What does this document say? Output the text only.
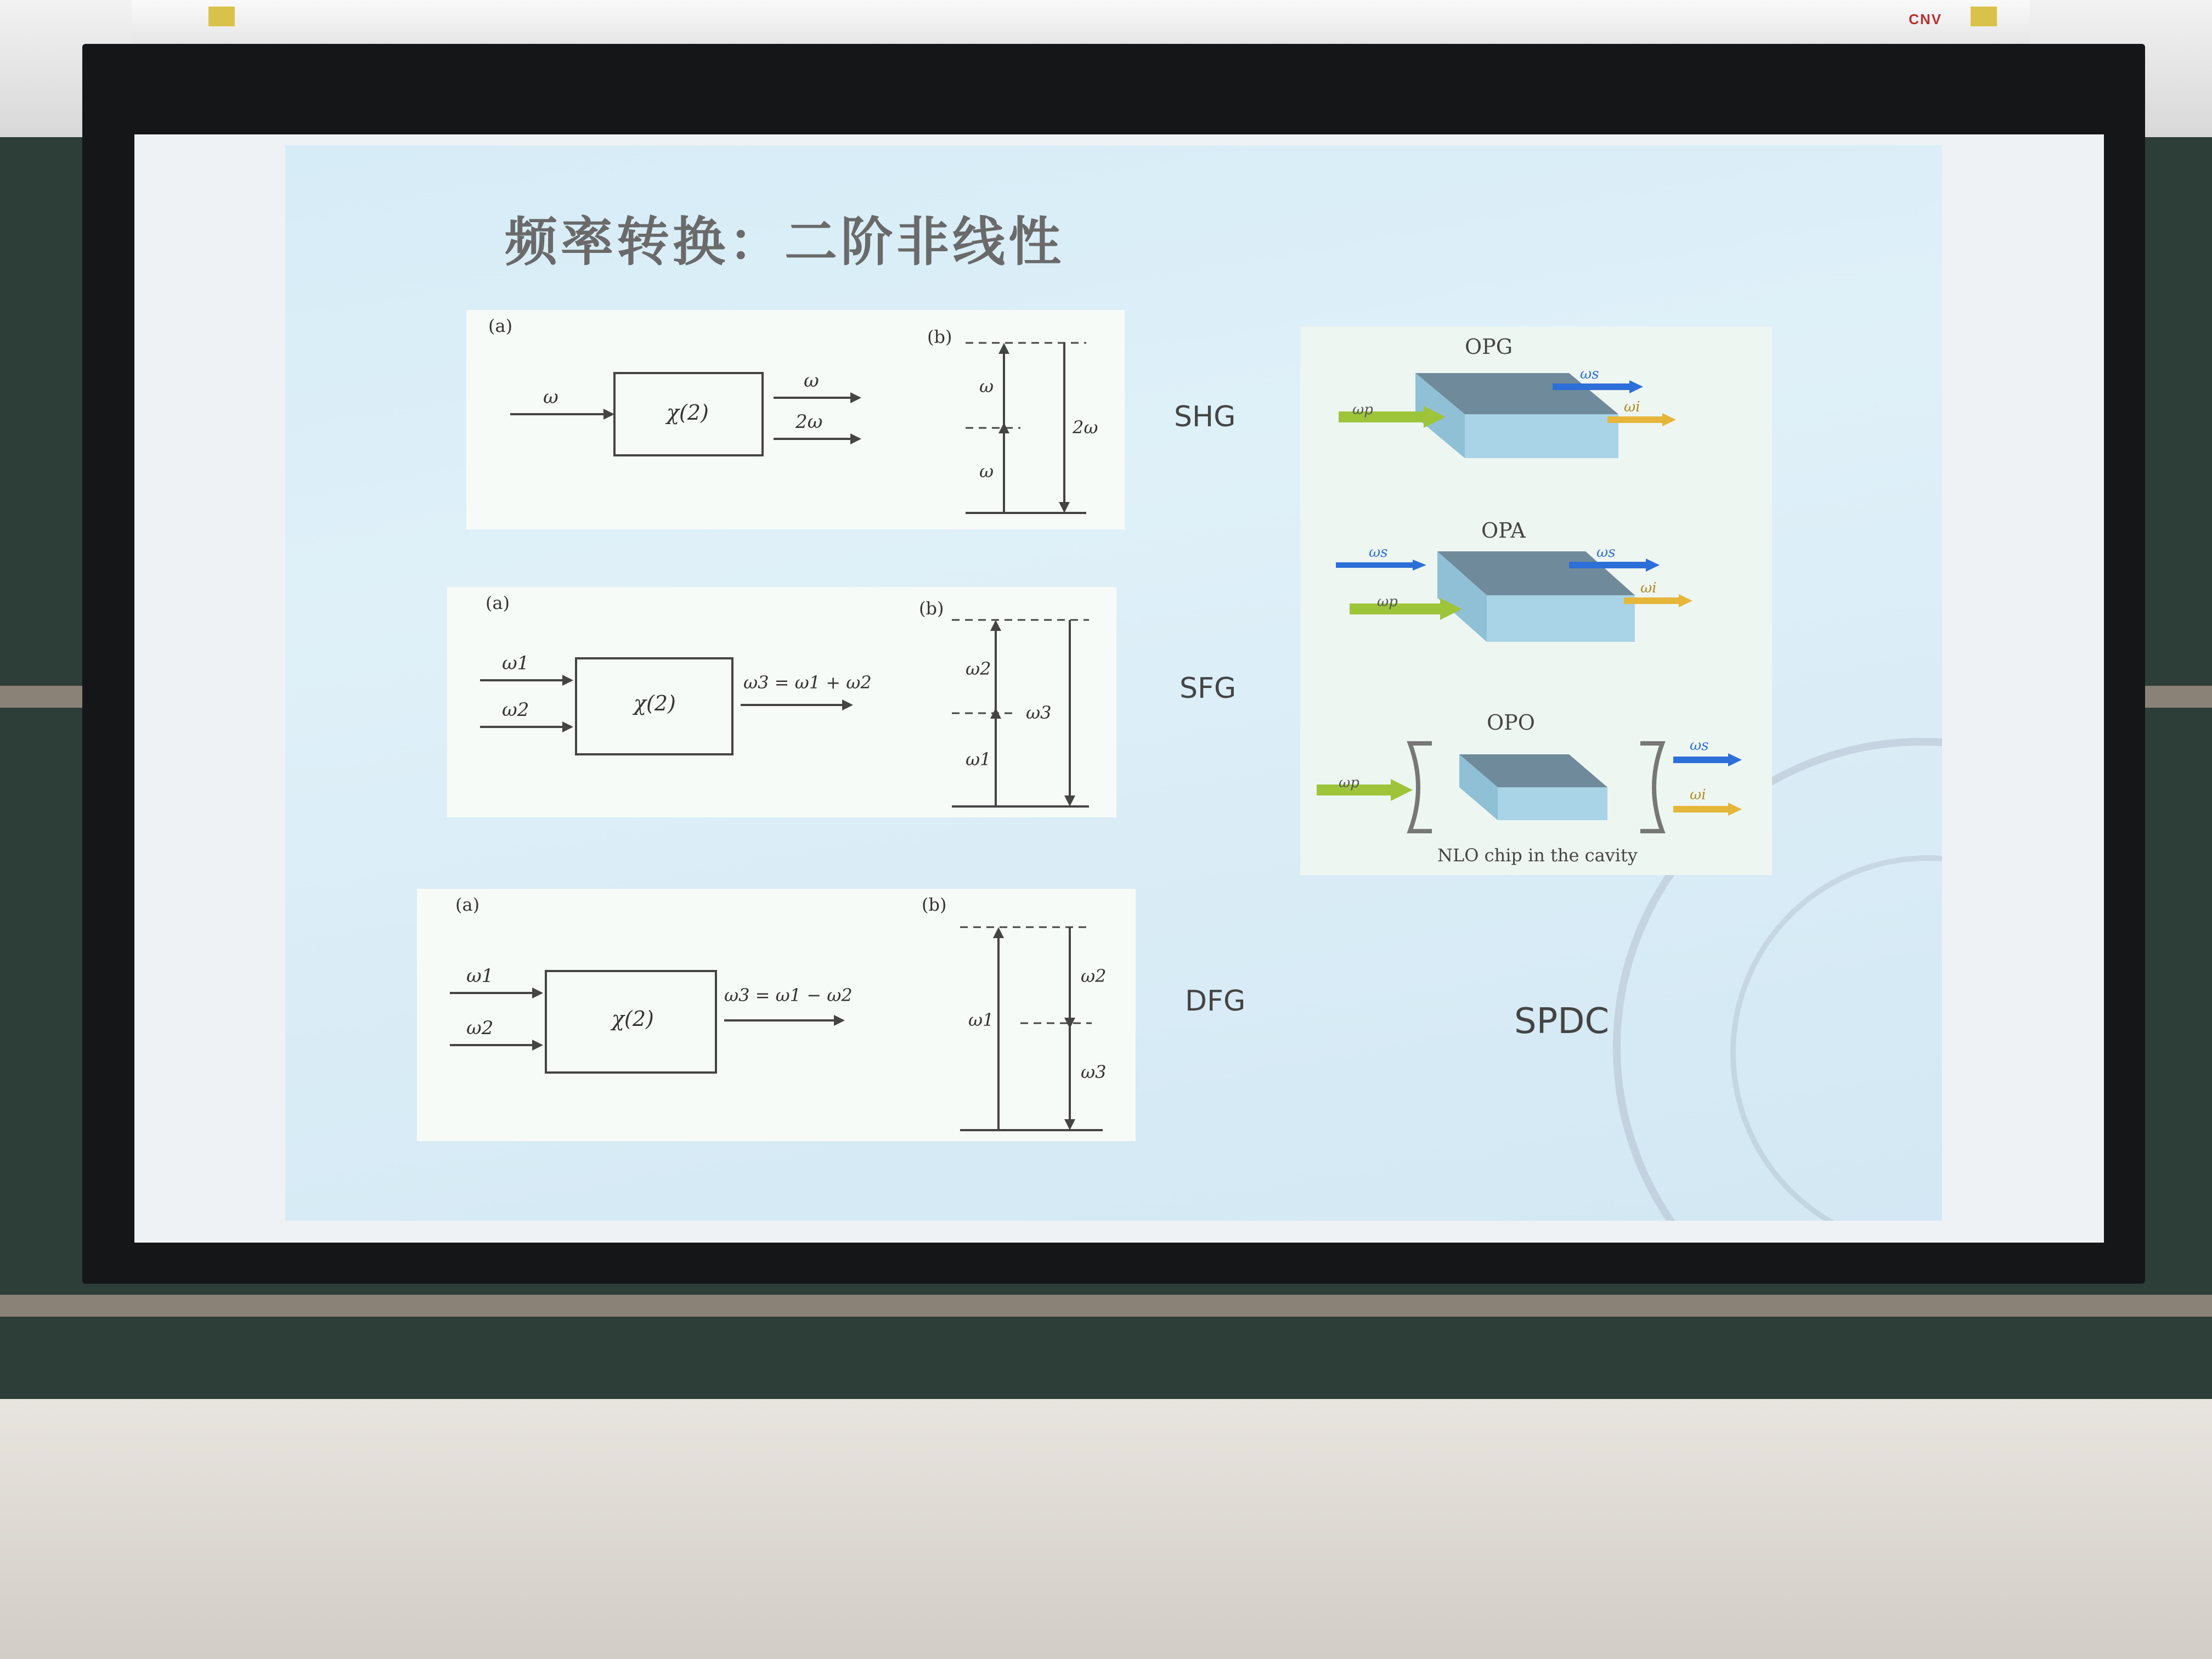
CNV
频率转换：二阶非线性
(a)
(b)
ω
χ(2)
ω
2ω
ω
ω
2ω	SHG
(a)	(b)
ω1
ω2	χ(2)
ω3 = ω1 + ω2
ω2
ω1
ω3
SFG
(a)	(b)
ω1
ω2	χ(2)
ω3 = ω1 − ω2
ω1
ω2
ω3
DFG
OPG
ωp
ωs
ωi
OPA
ωs
ωp
ωs
ωi
OPO
ωp
ωs
ωi
NLO chip in the cavity
SPDC
